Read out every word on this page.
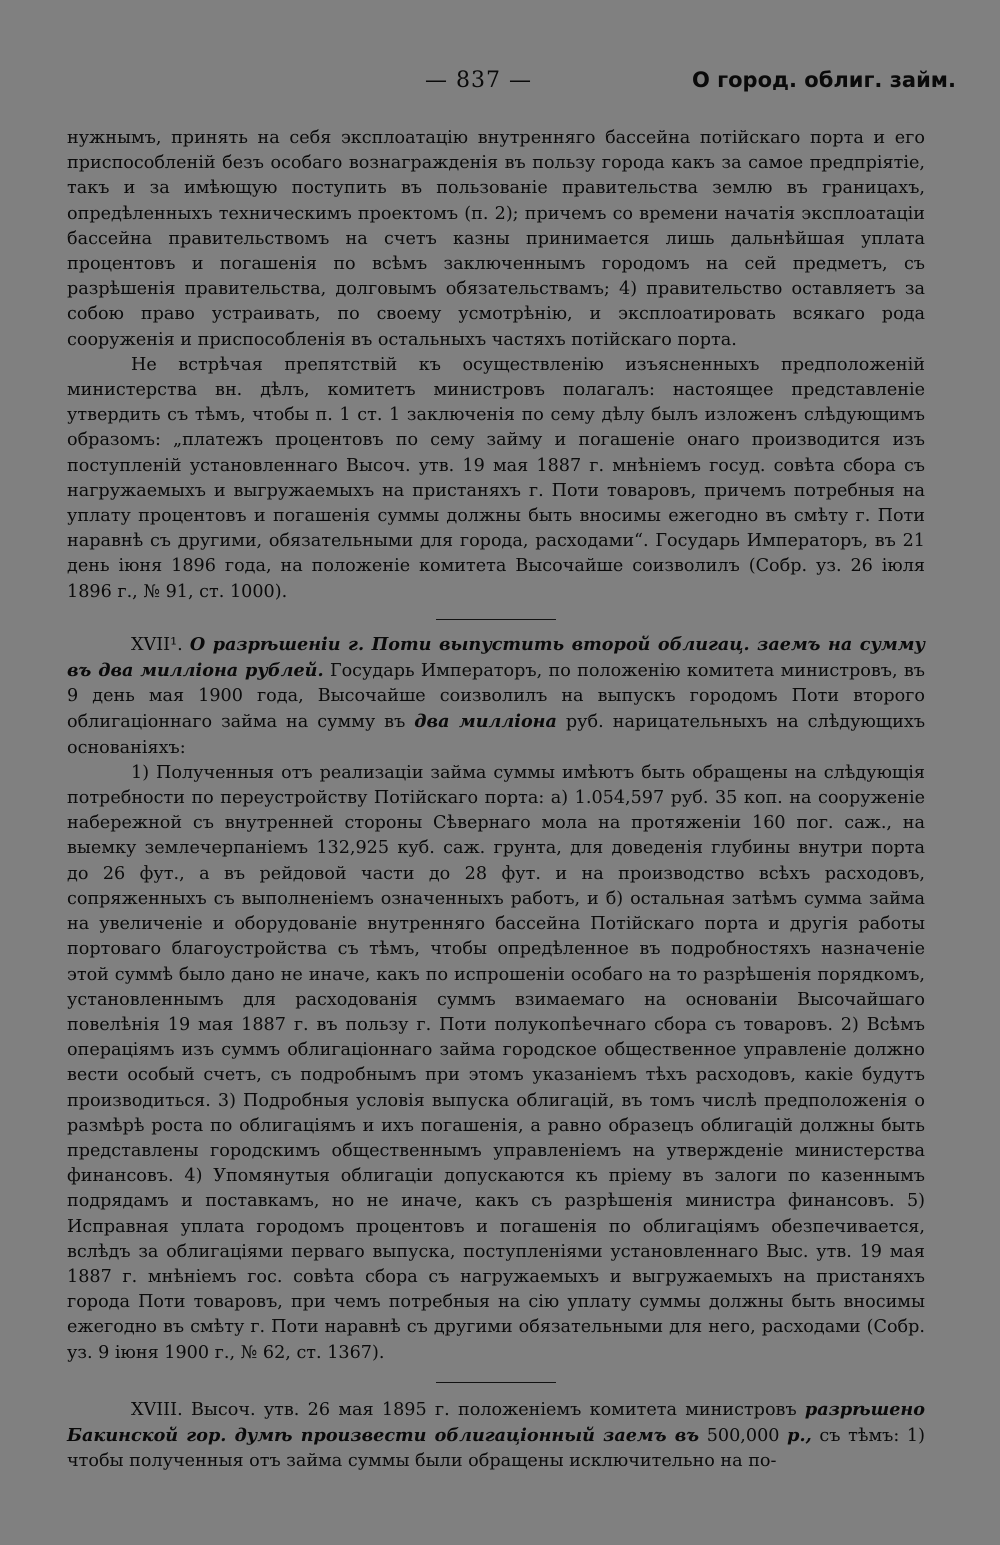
— 837 —	О город. облиг. займ.

нужнымъ, принять на себя эксплоатацію внутренняго бассейна потійскаго порта и его приспособленій безъ особаго вознагражденія въ пользу города какъ за самое предпріятіе, такъ и за имѣющую поступить въ пользованіе правительства землю въ границахъ, опредѣленныхъ техническимъ проектомъ (п. 2); причемъ со времени начатія эксплоатаціи бассейна правительствомъ на счетъ казны принимается лишь дальнѣйшая уплата процентовъ и погашенія по всѣмъ заключеннымъ городомъ на сей предметъ, съ разрѣшенія правительства, долговымъ обязательствамъ; 4) правительство оставляетъ за собою право устраивать, по своему усмотрѣнію, и эксплоатировать всякаго рода сооруженія и приспособленія въ остальныхъ частяхъ потійскаго порта.

Не встрѣчая препятствій къ осуществленію изъясненныхъ предположеній министерства вн. дѣлъ, комитетъ министровъ полагалъ: настоящее представленіе утвердить съ тѣмъ, чтобы п. 1 ст. 1 заключенія по сему дѣлу былъ изложенъ слѣдующимъ образомъ: „платежъ процентовъ по сему займу и погашеніе онаго производится изъ поступленій установленнаго Высоч. утв. 19 мая 1887 г. мнѣніемъ госуд. совѣта сбора съ нагружаемыхъ и выгружаемыхъ на пристаняхъ г. Поти товаровъ, причемъ потребныя на уплату процентовъ и погашенія суммы должны быть вносимы ежегодно въ смѣту г. Поти наравнѣ съ другими, обязательными для города, расходами“. Государь Императоръ, въ 21 день іюня 1896 года, на положеніе комитета Высочайше соизволилъ (Собр. уз. 26 іюля 1896 г., № 91, ст. 1000).

XVII¹. О разрѣшеніи г. Поти выпустить второй облигац. заемъ на сумму въ два милліона рублей. Государь Императоръ, по положенію комитета министровъ, въ 9 день мая 1900 года, Высочайше соизволилъ на выпускъ городомъ Поти второго облигаціоннаго займа на сумму въ два милліона руб. нарицательныхъ на слѣдующихъ основаніяхъ:

1) Полученныя отъ реализаціи займа суммы имѣютъ быть обращены на слѣдующія потребности по переустройству Потійскаго порта: а) 1.054,597 руб. 35 коп. на сооруженіе набережной съ внутренней стороны Сѣвернаго мола на протяженіи 160 пог. саж., на выемку землечерпаніемъ 132,925 куб. саж. грунта, для доведенія глубины внутри порта до 26 фут., а въ рейдовой части до 28 фут. и на производство всѣхъ расходовъ, сопряженныхъ съ выполненіемъ означенныхъ работъ, и б) остальная затѣмъ сумма займа на увеличеніе и оборудованіе внутренняго бассейна Потійскаго порта и другія работы портоваго благоустройства съ тѣмъ, чтобы опредѣленное въ подробностяхъ назначеніе этой суммѣ было дано не иначе, какъ по испрошеніи особаго на то разрѣшенія порядкомъ, установленнымъ для расходованія суммъ взимаемаго на основаніи Высочайшаго повелѣнія 19 мая 1887 г. въ пользу г. Поти полукопѣечнаго сбора съ товаровъ. 2) Всѣмъ операціямъ изъ суммъ облигаціоннаго займа городское общественное управленіе должно вести особый счетъ, съ подробнымъ при этомъ указаніемъ тѣхъ расходовъ, какіе будутъ производиться. 3) Подробныя условія выпуска облигацій, въ томъ числѣ предположенія о размѣрѣ роста по облигаціямъ и ихъ погашенія, а равно образецъ облигацій должны быть представлены городскимъ общественнымъ управленіемъ на утвержденіе министерства финансовъ. 4) Упомянутыя облигаціи допускаются къ пріему въ залоги по казеннымъ подрядамъ и поставкамъ, но не иначе, какъ съ разрѣшенія министра финансовъ. 5) Исправная уплата городомъ процентовъ и погашенія по облигаціямъ обезпечивается, вслѣдъ за облигаціями перваго выпуска, поступленіями установленнаго Выс. утв. 19 мая 1887 г. мнѣніемъ гос. совѣта сбора съ нагружаемыхъ и выгружаемыхъ на пристаняхъ города Поти товаровъ, при чемъ потребныя на сію уплату суммы должны быть вносимы ежегодно въ смѣту г. Поти наравнѣ съ другими обязательными для него, расходами (Собр. уз. 9 іюня 1900 г., № 62, ст. 1367).

XVIII. Высоч. утв. 26 мая 1895 г. положеніемъ комитета министровъ разрѣшено Бакинской гор. думѣ произвести облигаціонный заемъ въ 500,000 р., съ тѣмъ: 1) чтобы полученныя отъ займа суммы были обращены исключительно на по-
